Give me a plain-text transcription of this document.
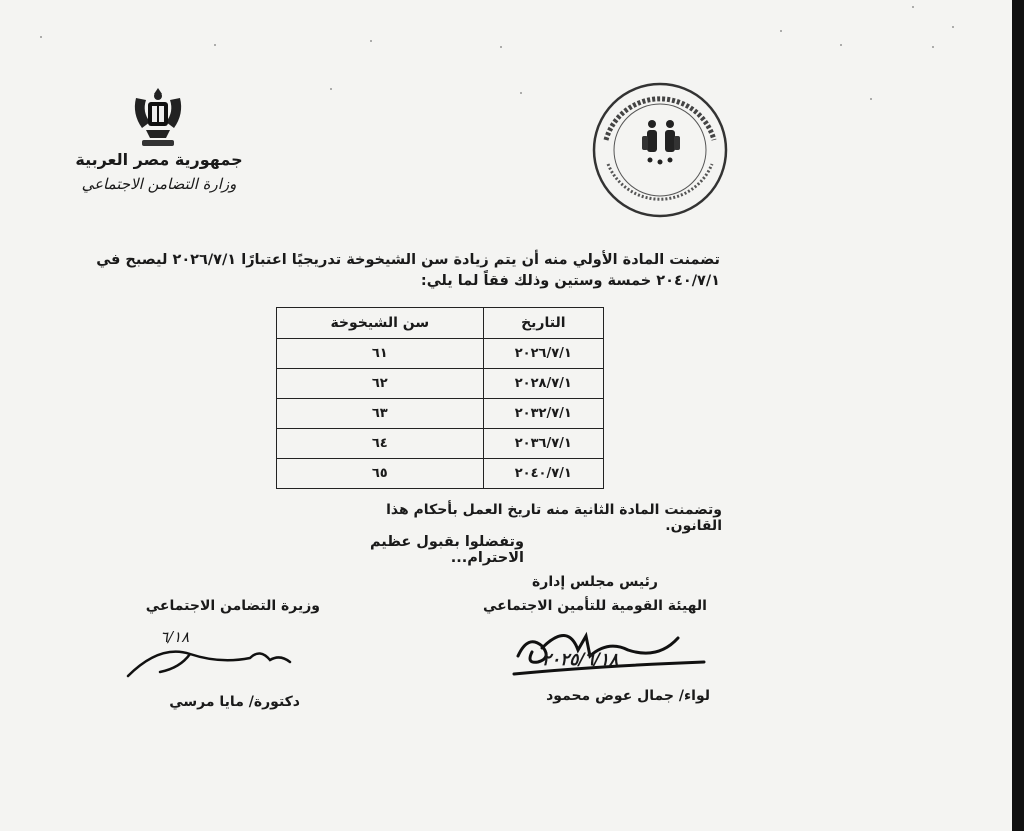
جمهورية مصر العربية
وزارة التضامن الاجتماعي
تضمنت المادة الأولي منه أن يتم زيادة سن الشيخوخة تدريجيًا اعتبارًا ٢٠٢٦/٧/١ ليصبح في ٢٠٤٠/٧/١ خمسة وستين وذلك فقاً لما يلي:
التاريخ	سن الشيخوخة
٢٠٢٦/٧/١	٦١
٢٠٢٨/٧/١	٦٢
٢٠٣٢/٧/١	٦٣
٢٠٣٦/٧/١	٦٤
٢٠٤٠/٧/١	٦٥
وتضمنت المادة الثانية منه تاريخ العمل بأحكام هذا القانون.
وتفضلوا بقبول عظيم الاحترام...
رئيس مجلس إدارة
الهيئة القومية للتأمين الاجتماعي
٢٠٢٥/٦/١٨
لواء/ جمال عوض محمود
وزيرة التضامن الاجتماعي
٦/١٨
دكتورة/ مايا مرسي
